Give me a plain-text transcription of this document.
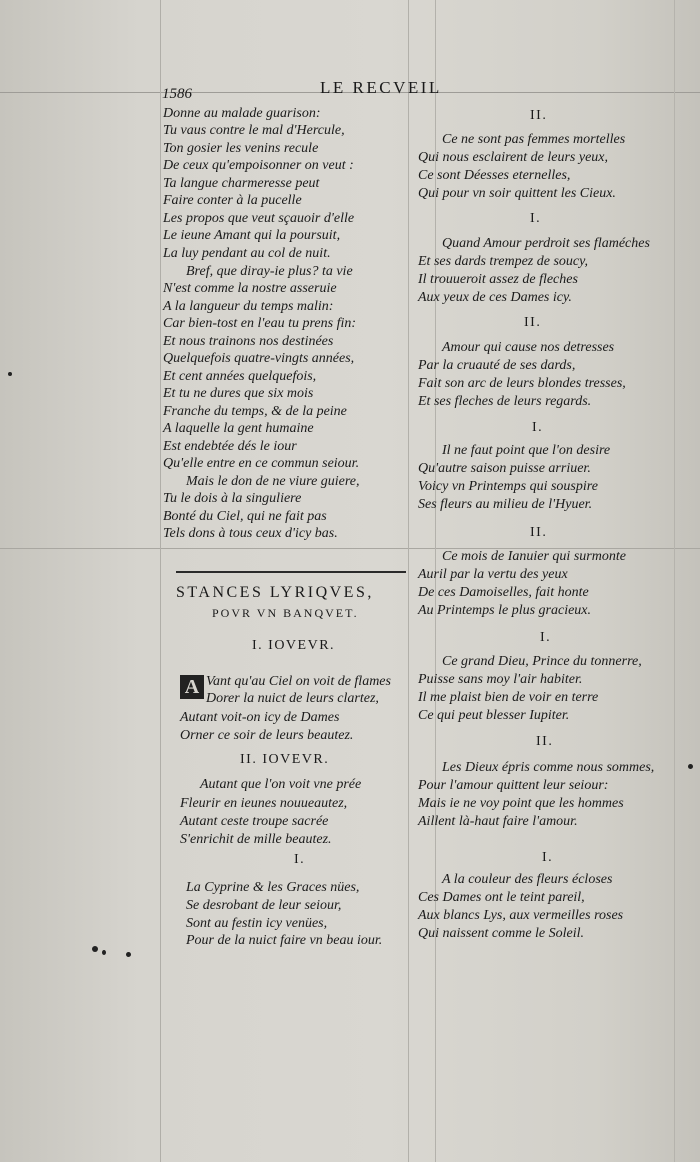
1586	LE RECVEIL
Donne au malade guarison:
Tu vaus contre le mal d'Hercule,
Ton gosier les venins recule
De ceux qu'empoisonner on veut :
Ta langue charmeresse peut
Faire conter à la pucelle
Les propos que veut sçauoir d'elle
Le ieune Amant qui la poursuit,
La luy pendant au col de nuit.
Bref, que diray-ie plus? ta vie
N'est comme la nostre asseruie
A la langueur du temps malin:
Car bien-tost en l'eau tu prens fin:
Et nous trainons nos destinées
Quelquefois quatre-vingts années,
Et cent années quelquefois,
Et tu ne dures que six mois
Franche du temps, & de la peine
A laquelle la gent humaine
Est endebtée dés le iour
Qu'elle entre en ce commun seiour.
Mais le don de ne viure guiere,
Tu le dois à la singuliere
Bonté du Ciel, qui ne fait pas
Tels dons à tous ceux d'icy bas.
I. IOVEVR.
Vant qu'au Ciel on voit de flames
Dorer la nuict de leurs clartez,
Autant voit-on icy de Dames
Orner ce soir de leurs beautez.
II. IOVEVR.
Autant que l'on voit vne prée
Fleurir en ieunes nouueautez,
Autant ceste troupe sacrée
S'enrichit de mille beautez.
I.
La Cyprine & les Graces nües,
Se desrobant de leur seiour,
Sont au festin icy venües,
Pour de la nuict faire vn beau iour.
II.
Ce ne sont pas femmes mortelles
Qui nous esclairent de leurs yeux,
Ce sont Déesses eternelles,
Qui pour vn soir quittent les Cieux.
I.
Quand Amour perdroit ses flaméches
Et ses dards trempez de soucy,
Il trouueroit assez de fleches
Aux yeux de ces Dames icy.
II.
Amour qui cause nos detresses
Par la cruauté de ses dards,
Fait son arc de leurs blondes tresses,
Et ses fleches de leurs regards.
I.
Il ne faut point que l'on desire
Qu'autre saison puisse arriuer.
Voicy vn Printemps qui souspire
Ses fleurs au milieu de l'Hyuer.
II.
Ce mois de Ianuier qui surmonte
Auril par la vertu des yeux
De ces Damoiselles, fait honte
Au Printemps le plus gracieux.
I.
Ce grand Dieu, Prince du tonnerre,
Puisse sans moy l'air habiter.
Il me plaist bien de voir en terre
Ce qui peut blesser Iupiter.
II.
Les Dieux épris comme nous sommes,
Pour l'amour quittent leur seiour:
Mais ie ne voy point que les hommes
Aillent là-haut faire l'amour.
I.
A la couleur des fleurs écloses
Ces Dames ont le teint pareil,
Aux blancs Lys, aux vermeilles roses
Qui naissent comme le Soleil.
STANCES LYRIQVES,
POVR VN BANQVET.
A
